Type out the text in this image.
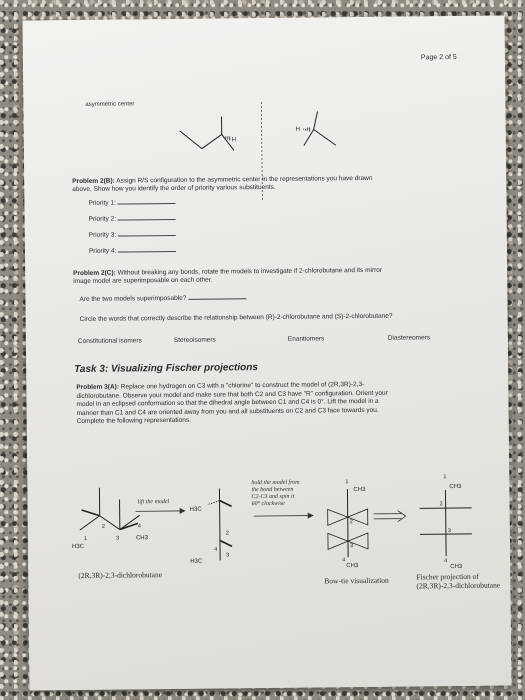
Page 2 of 5
asymmetric center
H
H
Problem 2(B): Assign R/S configuration to the asymmetric center in the representations you have drawn
above. Show how you identify the order of priority various substituents.
Priority 1:
Priority 2:
Priority 3:
Priority 4:
Problem 2(C): Without breaking any bonds, rotate the models to investigate if 2-chlorobutane and its mirror
image model are superimposable on each other.
Are the two models superimposable?
Circle the words that correctly describe the relationship between (R)-2-chlorobutane and (S)-2-chlorobutane?
Constitutional isomers	Stereoisomers	Enantiomers	Diastereomers
Task 3: Visualizing Fischer projections
Problem 3(A): Replace one hydrogen on C3 with a "chlorine" to construct the model of (2R,3R)-2,3-
dichlorobutane. Observe your model and make sure that both C2 and C3 have "R" configuration. Orient your
model in an eclipsed conformation so that the dihedral angle between C1 and C4 is 0°. Lift the model in a
manner than C1 and C4 are oriented away from you and all substituents on C2 and C3 face towards you.
Complete the following representations.
2
3
1
4
H3C
CH3
lift the model
(2R,3R)-2,3-dichlorobutane
H3C
H3C
3
2
4
hold the model from
the bond between
C2-C3 and spin it
60° clockwise
1
CH3
2
3
4
CH3
Bow-tie visualization
1
CH3
2
3
4
CH3
Fischer projection of
(2R,3R)-2,3-dichlorobutane
